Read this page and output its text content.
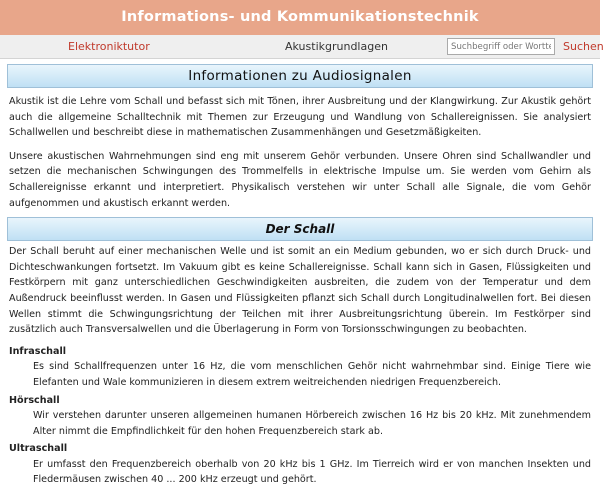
Informations- und Kommunikationstechnik
Elektroniktutor	Akustikgrundlagen
Suchbegriff oder Wortteil	Suchen
Informationen zu Audiosignalen

Akustik ist die Lehre vom Schall und befasst sich mit Tönen, ihrer Ausbreitung und der Klangwirkung. Zur Akustik gehört auch die allgemeine Schalltechnik mit Themen zur Erzeugung und Wandlung von Schallereignissen. Sie analysiert Schallwellen und beschreibt diese in mathematischen Zusammenhängen und Gesetzmäßigkeiten.

Unsere akustischen Wahrnehmungen sind eng mit unserem Gehör verbunden. Unsere Ohren sind Schallwandler und setzen die mechanischen Schwingungen des Trommelfells in elektrische Impulse um. Sie werden vom Gehirn als Schallereignisse erkannt und interpretiert. Physikalisch verstehen wir unter Schall alle Signale, die vom Gehör aufgenommen und akustisch erkannt werden.

Der Schall

Der Schall beruht auf einer mechanischen Welle und ist somit an ein Medium gebunden, wo er sich durch Druck- und Dichteschwankungen fortsetzt. Im Vakuum gibt es keine Schallereignisse. Schall kann sich in Gasen, Flüssigkeiten und Festkörpern mit ganz unterschiedlichen Geschwindigkeiten ausbreiten, die zudem von der Temperatur und dem Außendruck beeinflusst werden. In Gasen und Flüssigkeiten pflanzt sich Schall durch Longitudinalwellen fort. Bei diesen Wellen stimmt die Schwingungsrichtung der Teilchen mit ihrer Ausbreitungsrichtung überein. Im Festkörper sind zusätzlich auch Transversalwellen und die Überlagerung in Form von Torsionsschwingungen zu beobachten.

Infraschall

Es sind Schallfrequenzen unter 16 Hz, die vom menschlichen Gehör nicht wahrnehmbar sind. Einige Tiere wie Elefanten und Wale kommunizieren in diesem extrem weitreichenden niedrigen Frequenzbereich.

Hörschall

Wir verstehen darunter unseren allgemeinen humanen Hörbereich zwischen 16 Hz bis 20 kHz. Mit zunehmendem Alter nimmt die Empfindlichkeit für den hohen Frequenzbereich stark ab.

Ultraschall

Er umfasst den Frequenzbereich oberhalb von 20 kHz bis 1 GHz. Im Tierreich wird er von manchen Insekten und Fledermäusen zwischen 40 ... 200 kHz erzeugt und gehört.
